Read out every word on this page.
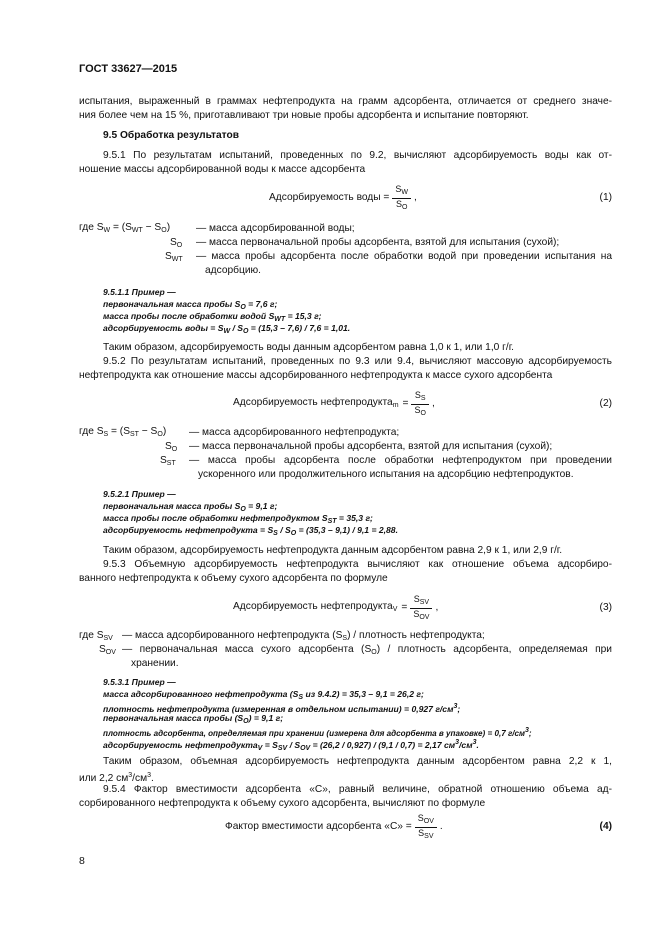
ГОСТ 33627—2015
испытания, выраженный в граммах нефтепродукта на грамм адсорбента, отличается от среднего значе-
ния более чем на 15 %, приготавливают три новые пробы адсорбента и испытание повторяют.
9.5 Обработка результатов
9.5.1 По результатам испытаний, проведенных по 9.2, вычисляют адсорбируемость воды как от-
ношение массы адсорбированной воды к массе адсорбента
Адсорбируемость воды = $\frac{S_W}{S_O}$ ,	(1)
где $S_W = (S_{WT} - S_O)$	— масса адсорбированной воды;
$S_O$ — масса первоначальной пробы адсорбента, взятой для испытания (сухой);
$S_{WT}$ — масса пробы адсорбента после обработки водой при проведении испытания на
адсорбцию.
9.5.1.1 Пример —
первоначальная масса пробы $S_O = 7,6$ г;
масса пробы после обработки водой $S_{WT} = 15,3$ г;
адсорбируемость воды = $S_W / S_O = (15,3 - 7,6) / 7,6 = 1,01$.
Таким образом, адсорбируемость воды данным адсорбентом равна 1,0 к 1, или 1,0 г/г.
9.5.2 По результатам испытаний, проведенных по 9.3 или 9.4, вычисляют массовую адсорбируемость
нефтепродукта как отношение массы адсорбированного нефтепродукта к массе сухого адсорбента
Адсорбируемость нефтепродукта$_m$ = $\frac{S_S}{S_O}$ ,	(2)
где $S_S = (S_{ST} - S_O)$ — масса адсорбированного нефтепродукта;
$S_O$ — масса первоначальной пробы адсорбента, взятой для испытания (сухой);
$S_{ST}$ — масса пробы адсорбента после обработки нефтепродуктом при проведении
ускоренного или продолжительного испытания на адсорбцию нефтепродуктов.
9.5.2.1 Пример —
первоначальная масса пробы $S_O = 9,1$ г;
масса пробы после обработки нефтепродуктом $S_{ST} = 35,3$ г;
адсорбируемость нефтепродукта = $S_S / S_O = (35,3 - 9,1) / 9,1 = 2,88$.
Таким образом, адсорбируемость нефтепродукта данным адсорбентом равна 2,9 к 1, или 2,9 г/г.
9.5.3 Объемную адсорбируемость нефтепродукта вычисляют как отношение объема адсорбиро-
ванного нефтепродукта к объему сухого адсорбента по формуле
Адсорбируемость нефтепродукта$_V$ = $\frac{S_{SV}}{S_{OV}}$ ,	(3)
где $S_{SV}$ — масса адсорбированного нефтепродукта $(S_S)$ / плотность нефтепродукта;
$S_{OV}$ — первоначальная масса сухого адсорбента $(S_O)$ / плотность адсорбента, определяемая при
хранении.
9.5.3.1 Пример —
масса адсорбированного нефтепродукта ($S_S$ из 9.4.2) = 35,3 – 9,1 = 26,2 г;
плотность нефтепродукта (измеренная в отдельном испытании) = 0,927 $г/см^3$;
первоначальная масса пробы $(S_O) = 9,1$ г;
плотность адсорбента, определяемая при хранении (измерена для адсорбента в упаковке) = 0,7 $г/см^3$;
адсорбируемость нефтепродукта$_V$ = $S_{SV} / S_{OV} = (26,2 / 0,927) / (9,1 / 0,7) = 2,17$ $см^3/см^3$.
Таким образом, объемная адсорбируемость нефтепродукта данным адсорбентом равна 2,2 к 1,
или 2,2 $см^3/см^3$.
9.5.4 Фактор вместимости адсорбента «С», равный величине, обратной отношению объема ад-
сорбированного нефтепродукта к объему сухого адсорбента, вычисляют по формуле
Фактор вместимости адсорбента «С» = $\frac{S_{OV}}{S_{SV}}$ .	(4)
8
